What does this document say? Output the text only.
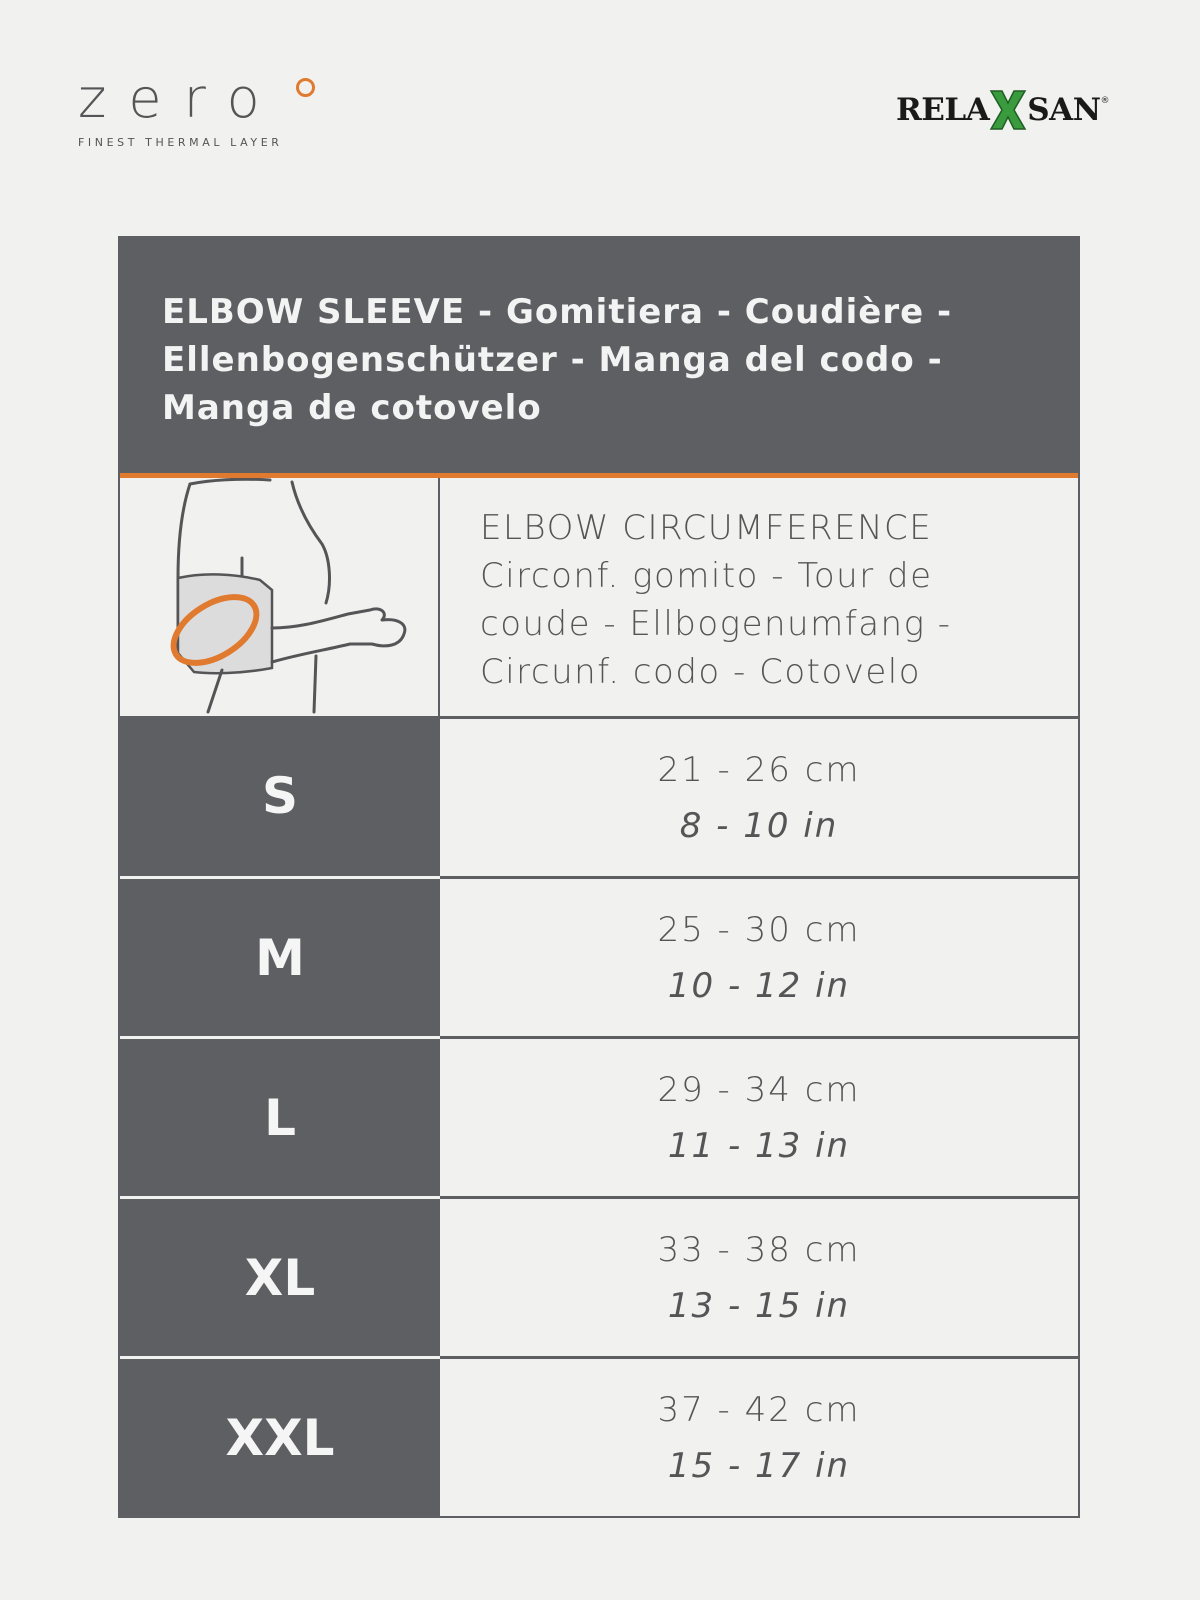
zero
FINEST THERMAL LAYER
RELA SAN ®

ELBOW SLEEVE - Gomitiera - Coudière - Ellenbogenschützer - Manga del codo - Manga de cotovelo

ELBOW CIRCUMFERENCE
Circonf. gomito - Tour de
coude - Ellbogenumfang -
Circunf. codo - Cotovelo
S	21 - 26 cm
8 - 10 in
M	25 - 30 cm
10 - 12 in
L	29 - 34 cm
11 - 13 in
XL	33 - 38 cm
13 - 15 in
XXL	37 - 42 cm
15 - 17 in
